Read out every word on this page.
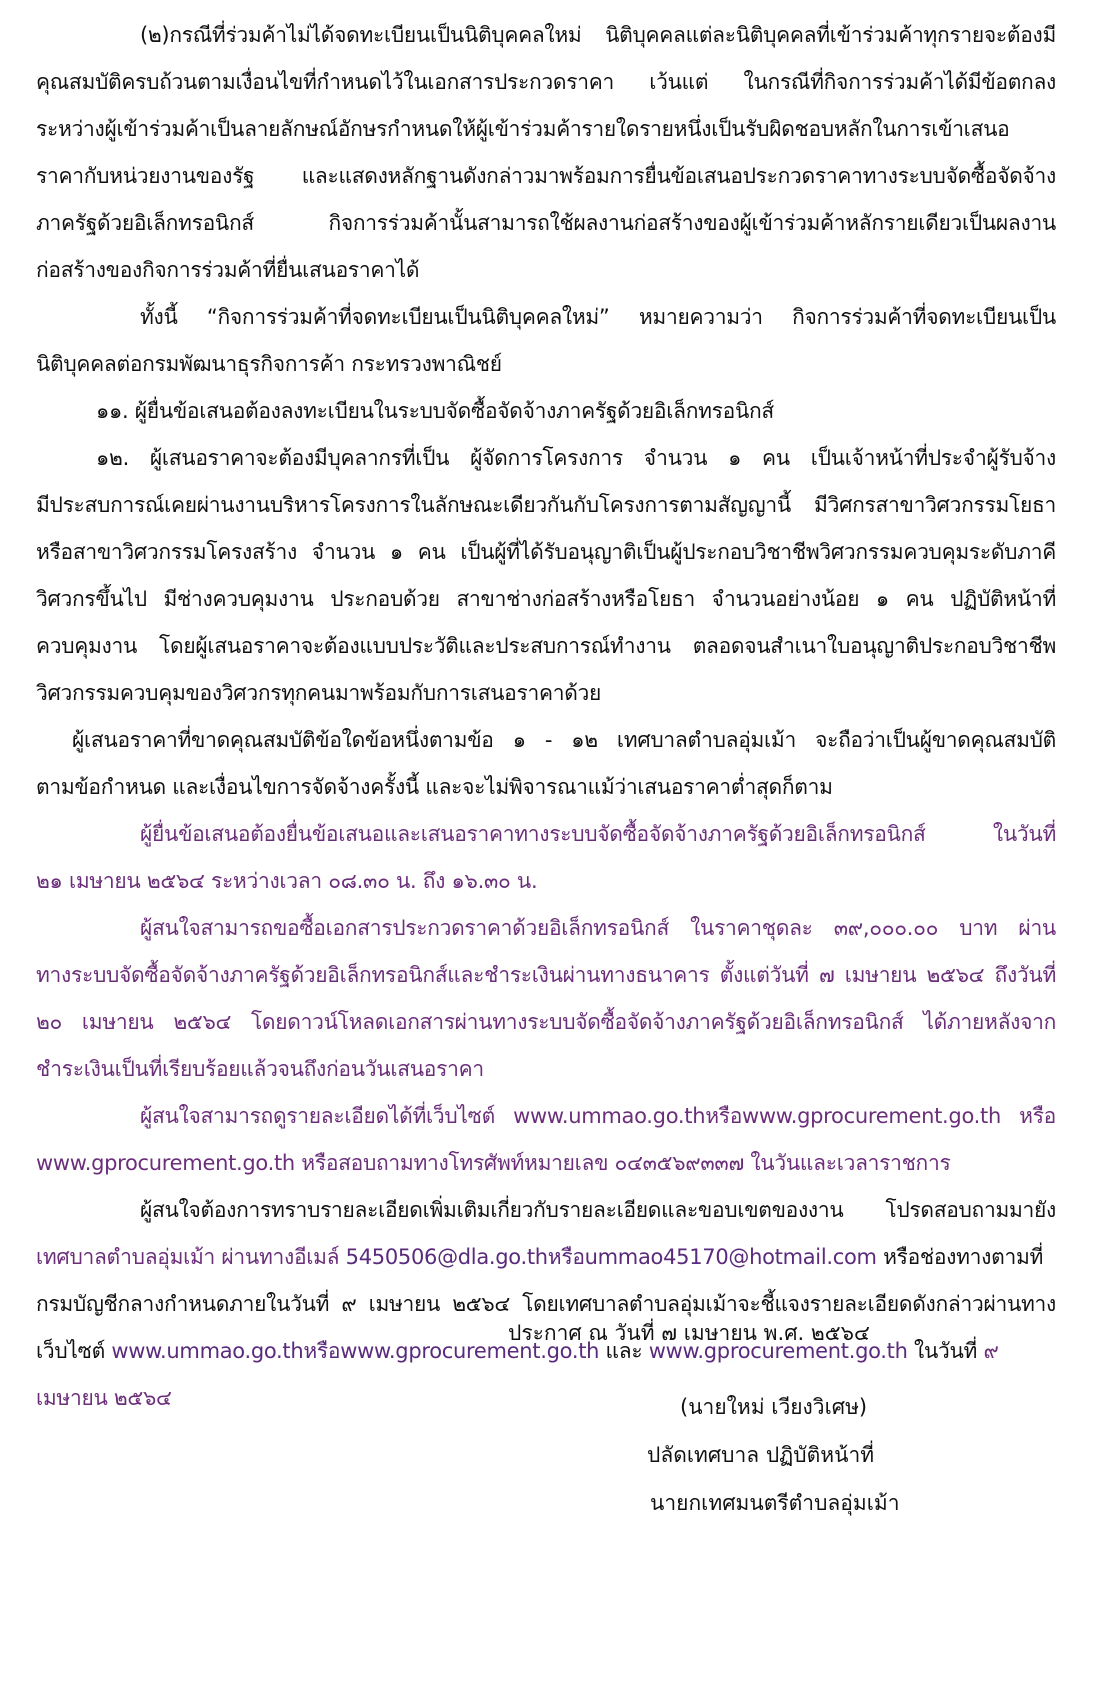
(๒)กรณีที่ร่วมค้าไม่ได้จดทะเบียนเป็นนิติบุคคลใหม่ นิติบุคคลแต่ละนิติบุคคลที่เข้าร่วมค้าทุกรายจะต้องมี
คุณสมบัติครบถ้วนตามเงื่อนไขที่กำหนดไว้ในเอกสารประกวดราคา เว้นแต่ ในกรณีที่กิจการร่วมค้าได้มีข้อตกลง
ระหว่างผู้เข้าร่วมค้าเป็นลายลักษณ์อักษรกำหนดให้ผู้เข้าร่วมค้ารายใดรายหนึ่งเป็นรับผิดชอบหลักในการเข้าเสนอ
ราคากับหน่วยงานของรัฐ และแสดงหลักฐานดังกล่าวมาพร้อมการยื่นข้อเสนอประกวดราคาทางระบบจัดซื้อจัดจ้าง
ภาครัฐด้วยอิเล็กทรอนิกส์ กิจการร่วมค้านั้นสามารถใช้ผลงานก่อสร้างของผู้เข้าร่วมค้าหลักรายเดียวเป็นผลงาน
ก่อสร้างของกิจการร่วมค้าที่ยื่นเสนอราคาได้
ทั้งนี้ “กิจการร่วมค้าที่จดทะเบียนเป็นนิติบุคคลใหม่” หมายความว่า กิจการร่วมค้าที่จดทะเบียนเป็น
นิติบุคคลต่อกรมพัฒนาธุรกิจการค้า กระทรวงพาณิชย์
๑๑. ผู้ยื่นข้อเสนอต้องลงทะเบียนในระบบจัดซื้อจัดจ้างภาครัฐด้วยอิเล็กทรอนิกส์
๑๒. ผู้เสนอราคาจะต้องมีบุคลากรที่เป็น ผู้จัดการโครงการ จำนวน ๑ คน เป็นเจ้าหน้าที่ประจำผู้รับจ้าง
มีประสบการณ์เคยผ่านงานบริหารโครงการในลักษณะเดียวกันกับโครงการตามสัญญานี้ มีวิศกรสาขาวิศวกรรมโยธา
หรือสาขาวิศวกรรมโครงสร้าง จำนวน ๑ คน เป็นผู้ที่ได้รับอนุญาติเป็นผู้ประกอบวิชาชีพวิศวกรรมควบคุมระดับภาคี
วิศวกรขึ้นไป มีช่างควบคุมงาน ประกอบด้วย สาขาช่างก่อสร้างหรือโยธา จำนวนอย่างน้อย ๑ คน ปฏิบัติหน้าที่
ควบคุมงาน โดยผู้เสนอราคาจะต้องแบบประวัติและประสบการณ์ทำงาน ตลอดจนสำเนาใบอนุญาติประกอบวิชาชีพ
วิศวกรรมควบคุมของวิศวกรทุกคนมาพร้อมกับการเสนอราคาด้วย
ผู้เสนอราคาที่ขาดคุณสมบัติข้อใดข้อหนึ่งตามข้อ ๑ - ๑๒ เทศบาลตำบลอุ่มเม้า จะถือว่าเป็นผู้ขาดคุณสมบัติ
ตามข้อกำหนด และเงื่อนไขการจัดจ้างครั้งนี้ และจะไม่พิจารณาแม้ว่าเสนอราคาต่ำสุดก็ตาม
ผู้ยื่นข้อเสนอต้องยื่นข้อเสนอและเสนอราคาทางระบบจัดซื้อจัดจ้างภาครัฐด้วยอิเล็กทรอนิกส์ ในวันที่
๒๑ เมษายน ๒๕๖๔ ระหว่างเวลา ๐๘.๓๐ น. ถึง ๑๖.๓๐ น.
ผู้สนใจสามารถขอซื้อเอกสารประกวดราคาด้วยอิเล็กทรอนิกส์ ในราคาชุดละ ๓๙,๐๐๐.๐๐ บาท ผ่าน
ทางระบบจัดซื้อจัดจ้างภาครัฐด้วยอิเล็กทรอนิกส์และชำระเงินผ่านทางธนาคาร ตั้งแต่วันที่ ๗ เมษายน ๒๕๖๔ ถึงวันที่
๒๐ เมษายน ๒๕๖๔ โดยดาวน์โหลดเอกสารผ่านทางระบบจัดซื้อจัดจ้างภาครัฐด้วยอิเล็กทรอนิกส์ ได้ภายหลังจาก
ชำระเงินเป็นที่เรียบร้อยแล้วจนถึงก่อนวันเสนอราคา
ผู้สนใจสามารถดูรายละเอียดได้ที่เว็บไซต์ www.ummao.go.thหรือwww.gprocurement.go.th หรือ
www.gprocurement.go.th หรือสอบถามทางโทรศัพท์หมายเลข ๐๔๓๕๖๙๓๓๗ ในวันและเวลาราชการ
ผู้สนใจต้องการทราบรายละเอียดเพิ่มเติมเกี่ยวกับรายละเอียดและขอบเขตของงาน โปรดสอบถามมายัง
เทศบาลตำบลอุ่มเม้า ผ่านทางอีเมล์ 5450506@dla.go.thหรือummao45170@hotmail.com หรือช่องทางตามที่
กรมบัญชีกลางกำหนดภายในวันที่ ๙ เมษายน ๒๕๖๔ โดยเทศบาลตำบลอุ่มเม้าจะชี้แจงรายละเอียดดังกล่าวผ่านทาง
เว็บไซต์ www.ummao.go.thหรือwww.gprocurement.go.th และ www.gprocurement.go.th ในวันที่ ๙
เมษายน ๒๕๖๔
ประกาศ ณ วันที่ ๗ เมษายน พ.ศ. ๒๕๖๔
(นายใหม่ เวียงวิเศษ)
ปลัดเทศบาล ปฏิบัติหน้าที่
นายกเทศมนตรีตำบลอุ่มเม้า
